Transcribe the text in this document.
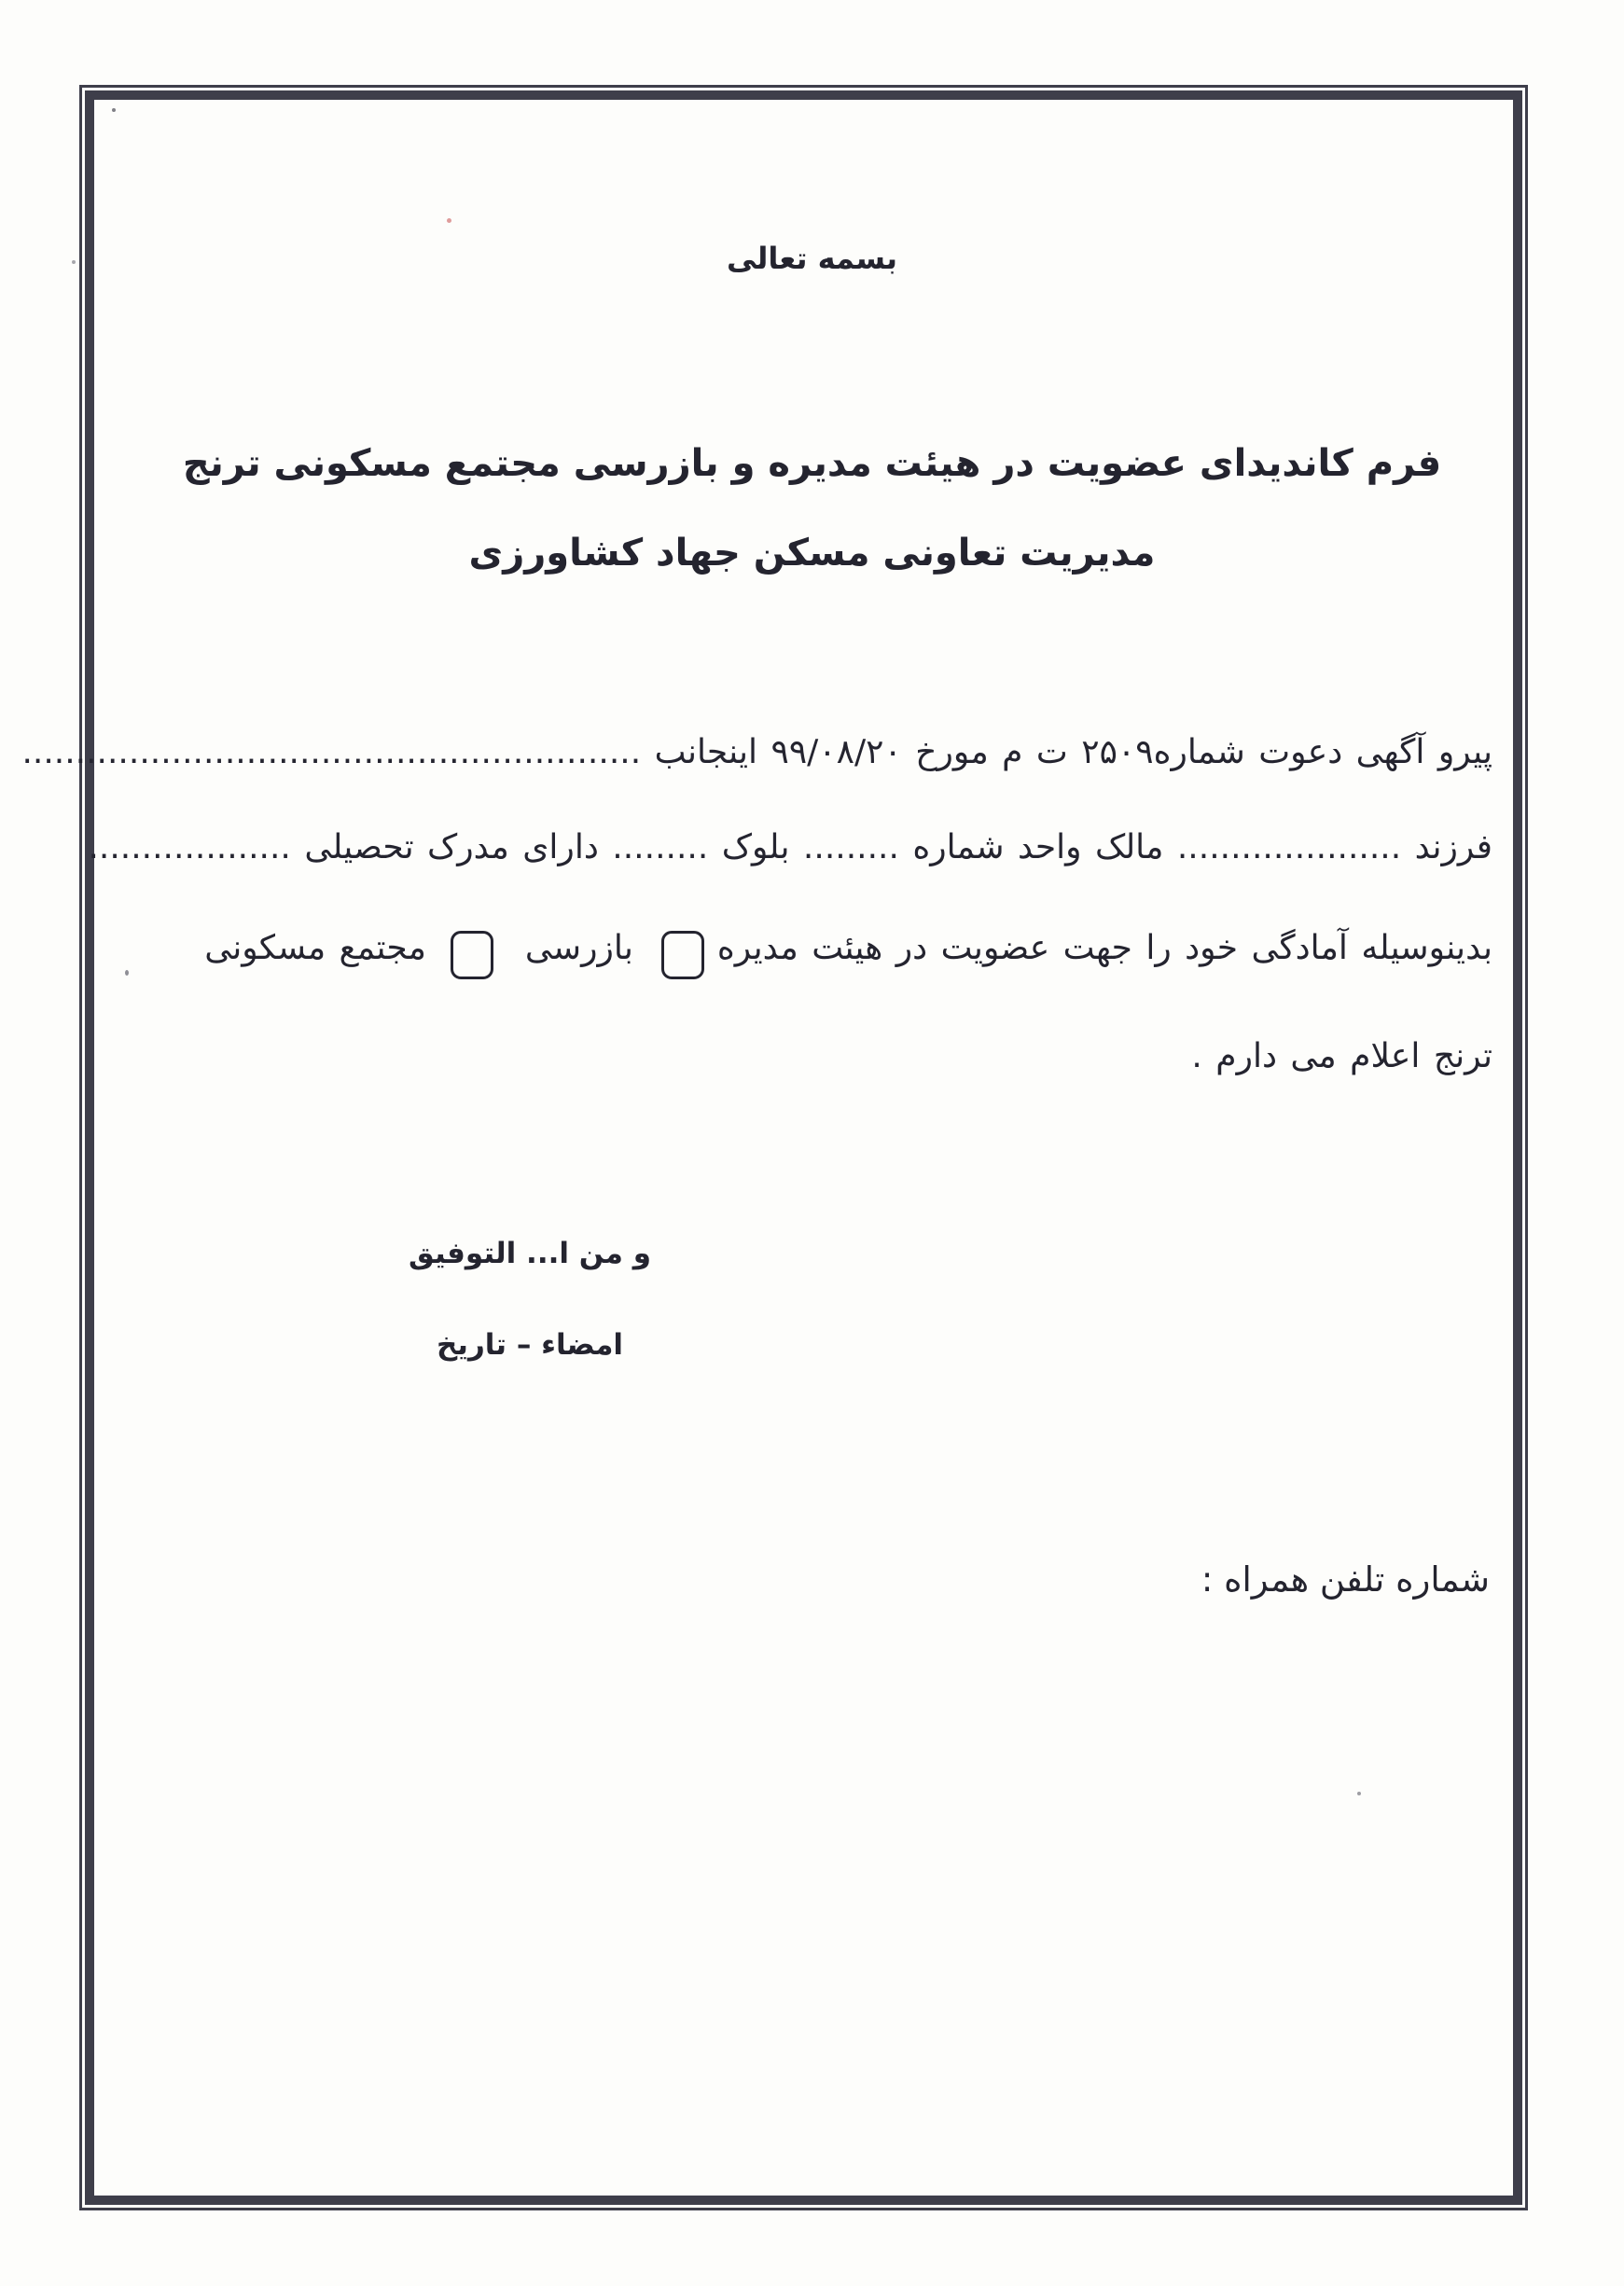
بسمه تعالی
فرم کاندیدای عضویت در هیئت مدیره و بازرسی مجتمع مسکونی ترنج
مدیریت تعاونی مسکن جهاد کشاورزی
پیرو آگهی دعوت شماره۲۵۰۹ ت م مورخ ۹۹/۰۸/۲۰ اینجانب ..........................................................
فرزند ..................... مالک واحد شماره ......... بلوک ......... دارای مدرک تحصیلی ...................
بدینوسیله آمادگی خود را جهت عضویت در هیئت مدیرهبازرسیمجتمع مسکونی
ترنج اعلام می دارم .
و من ا... التوفیق
امضاء – تاریخ
شماره تلفن همراه :
